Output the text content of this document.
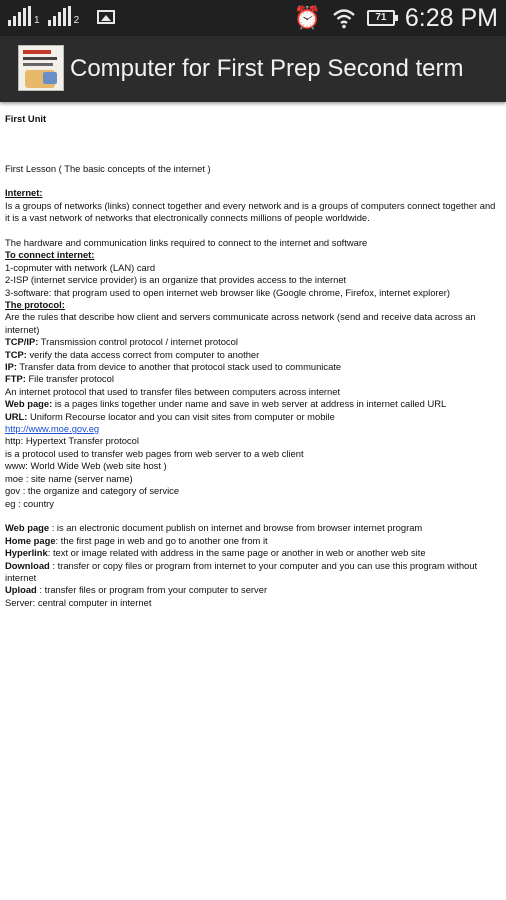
1	2	⏰	71 6:28 PM
Computer for First Prep Second term

First Unit

First Lesson ( The basic concepts of the internet )

Internet:

Is a groups of networks (links) connect together and every network and is a groups of computers connect together and it is a vast network of networks that electronically connects millions of people worldwide.

The hardware and communication links required to connect to the internet and software

To connect internet:

1-copmuter with network (LAN) card

2-ISP (internet service provider) is an organize that provides access to the internet

3-software: that program used to open internet web browser like (Google chrome, Firefox, internet explorer)

The protocol:

Are the rules that describe how client and servers communicate across network (send and receive data across an internet)

TCP/IP: Transmission control protocol / internet protocol

TCP: verify the data access correct from computer to another

IP: Transfer data from device to another that protocol stack used to communicate

FTP: File transfer protocol

An internet protocol that used to transfer files between computers across internet

Web page: is a pages links together under name and save in web server at address in internet called URL

URL: Uniform Recourse locator and you can visit sites from computer or mobile

http://www.moe.gov.eg

http: Hypertext Transfer protocol

is a protocol used to transfer web pages from web server to a web client

www: World Wide Web (web site host )

moe : site name (server name)

gov : the organize and category of service

eg : country

Web page : is an electronic document publish on internet and browse from browser internet program

Home page: the first page in web and go to another one from it

Hyperlink: text or image related with address in the same page or another in web or another web site

Download : transfer or copy files or program from internet to your computer and you can use this program without internet

Upload : transfer files or program from your computer to server

Server: central computer in internet
